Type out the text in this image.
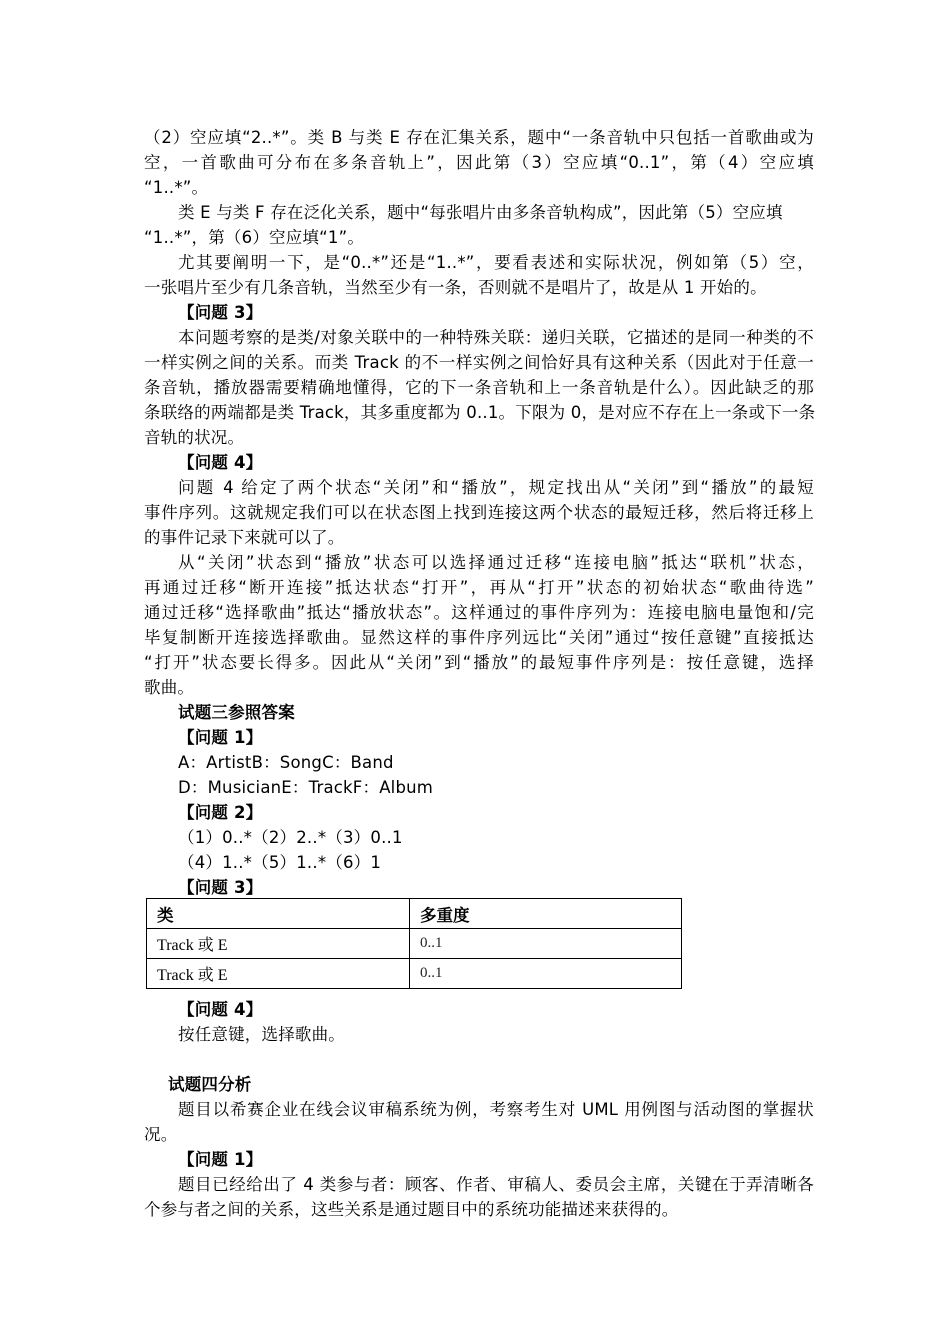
（2）空应填“2..*”。类 B 与类 E 存在汇集关系，题中“一条音轨中只包括一首歌曲或为
空，一首歌曲可分布在多条音轨上”，因此第（3）空应填“0..1”，第（4）空应填
“1..*”。
类 E 与类 F 存在泛化关系，题中“每张唱片由多条音轨构成”，因此第（5）空应填
“1..*”，第（6）空应填“1”。
尤其要阐明一下，是“0..*”还是“1..*”，要看表述和实际状况，例如第（5）空，
一张唱片至少有几条音轨，当然至少有一条，否则就不是唱片了，故是从 1 开始的。
【问题 3】
本问题考察的是类/对象关联中的一种特殊关联：递归关联，它描述的是同一种类的不
一样实例之间的关系。而类 Track 的不一样实例之间恰好具有这种关系（因此对于任意一
条音轨，播放器需要精确地懂得，它的下一条音轨和上一条音轨是什么）。因此缺乏的那
条联络的两端都是类 Track，其多重度都为 0..1。下限为 0，是对应不存在上一条或下一条
音轨的状况。
【问题 4】
问题 4 给定了两个状态“关闭”和“播放”，规定找出从“关闭”到“播放”的最短
事件序列。这就规定我们可以在状态图上找到连接这两个状态的最短迁移，然后将迁移上
的事件记录下来就可以了。
从“关闭”状态到“播放”状态可以选择通过迁移“连接电脑”抵达“联机”状态，
再通过迁移“断开连接”抵达状态“打开”，再从“打开”状态的初始状态“歌曲待选”
通过迁移“选择歌曲”抵达“播放状态”。这样通过的事件序列为：连接电脑电量饱和/完
毕复制断开连接选择歌曲。显然这样的事件序列远比“关闭”通过“按任意键”直接抵达
“打开”状态要长得多。因此从“关闭”到“播放”的最短事件序列是：按任意键，选择
歌曲。
试题三参照答案
【问题 1】
A：ArtistB：SongC：Band
D：MusicianE：TrackF：Album
【问题 2】
（1）0..*（2）2..*（3）0..1
（4）1..*（5）1..*（6）1
【问题 3】
类	多重度
Track 或 E	0..1
Track 或 E	0..1
【问题 4】
按任意键，选择歌曲。
试题四分析
题目以希赛企业在线会议审稿系统为例，考察考生对 UML 用例图与活动图的掌握状
况。
【问题 1】
题目已经给出了 4 类参与者：顾客、作者、审稿人、委员会主席，关键在于弄清晰各
个参与者之间的关系，这些关系是通过题目中的系统功能描述来获得的。
